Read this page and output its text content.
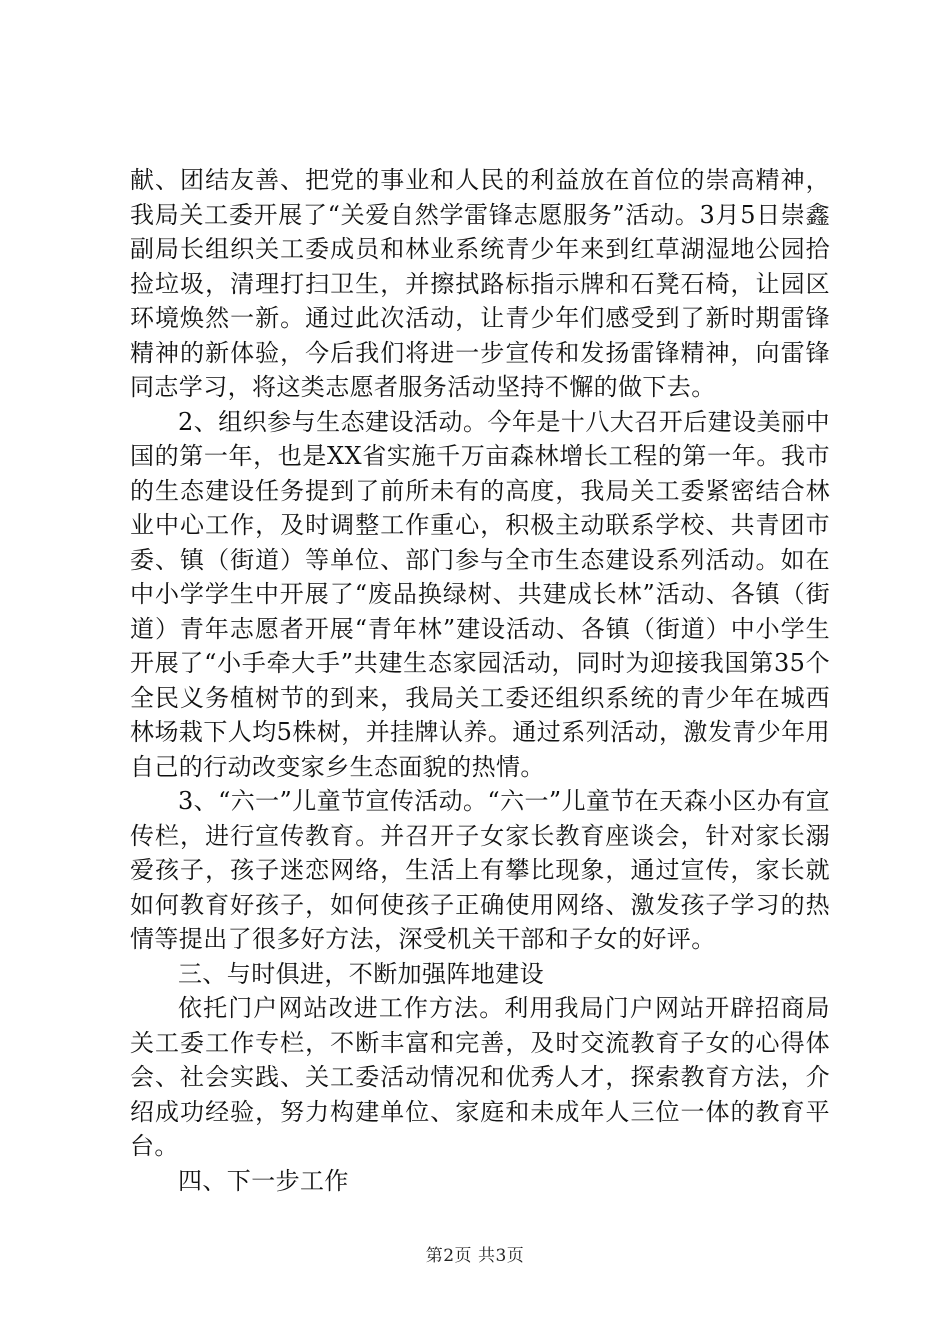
献、团结友善、把党的事业和人民的利益放在首位的崇高精神，我局关工委开展了“关爱自然学雷锋志愿服务”活动。3月5日崇鑫副局长组织关工委成员和林业系统青少年来到红草湖湿地公园拾捡垃圾，清理打扫卫生，并擦拭路标指示牌和石凳石椅，让园区环境焕然一新。通过此次活动，让青少年们感受到了新时期雷锋精神的新体验，今后我们将进一步宣传和发扬雷锋精神，向雷锋同志学习，将这类志愿者服务活动坚持不懈的做下去。

2、组织参与生态建设活动。今年是十八大召开后建设美丽中国的第一年，也是XX省实施千万亩森林增长工程的第一年。我市的生态建设任务提到了前所未有的高度，我局关工委紧密结合林业中心工作，及时调整工作重心，积极主动联系学校、共青团市委、镇（街道）等单位、部门参与全市生态建设系列活动。如在中小学学生中开展了“废品换绿树、共建成长林”活动、各镇（街道）青年志愿者开展“青年林”建设活动、各镇（街道）中小学生开展了“小手牵大手”共建生态家园活动，同时为迎接我国第35个全民义务植树节的到来，我局关工委还组织系统的青少年在城西林场栽下人均5株树，并挂牌认养。通过系列活动，激发青少年用自己的行动改变家乡生态面貌的热情。

3、“六一”儿童节宣传活动。“六一”儿童节在天森小区办有宣传栏，进行宣传教育。并召开子女家长教育座谈会，针对家长溺爱孩子，孩子迷恋网络，生活上有攀比现象，通过宣传，家长就如何教育好孩子，如何使孩子正确使用网络、激发孩子学习的热情等提出了很多好方法，深受机关干部和子女的好评。

三、与时俱进，不断加强阵地建设

依托门户网站改进工作方法。利用我局门户网站开辟招商局关工委工作专栏，不断丰富和完善，及时交流教育子女的心得体会、社会实践、关工委活动情况和优秀人才，探索教育方法，介绍成功经验，努力构建单位、家庭和未成年人三位一体的教育平台。

四、下一步工作

第2页 共3页
